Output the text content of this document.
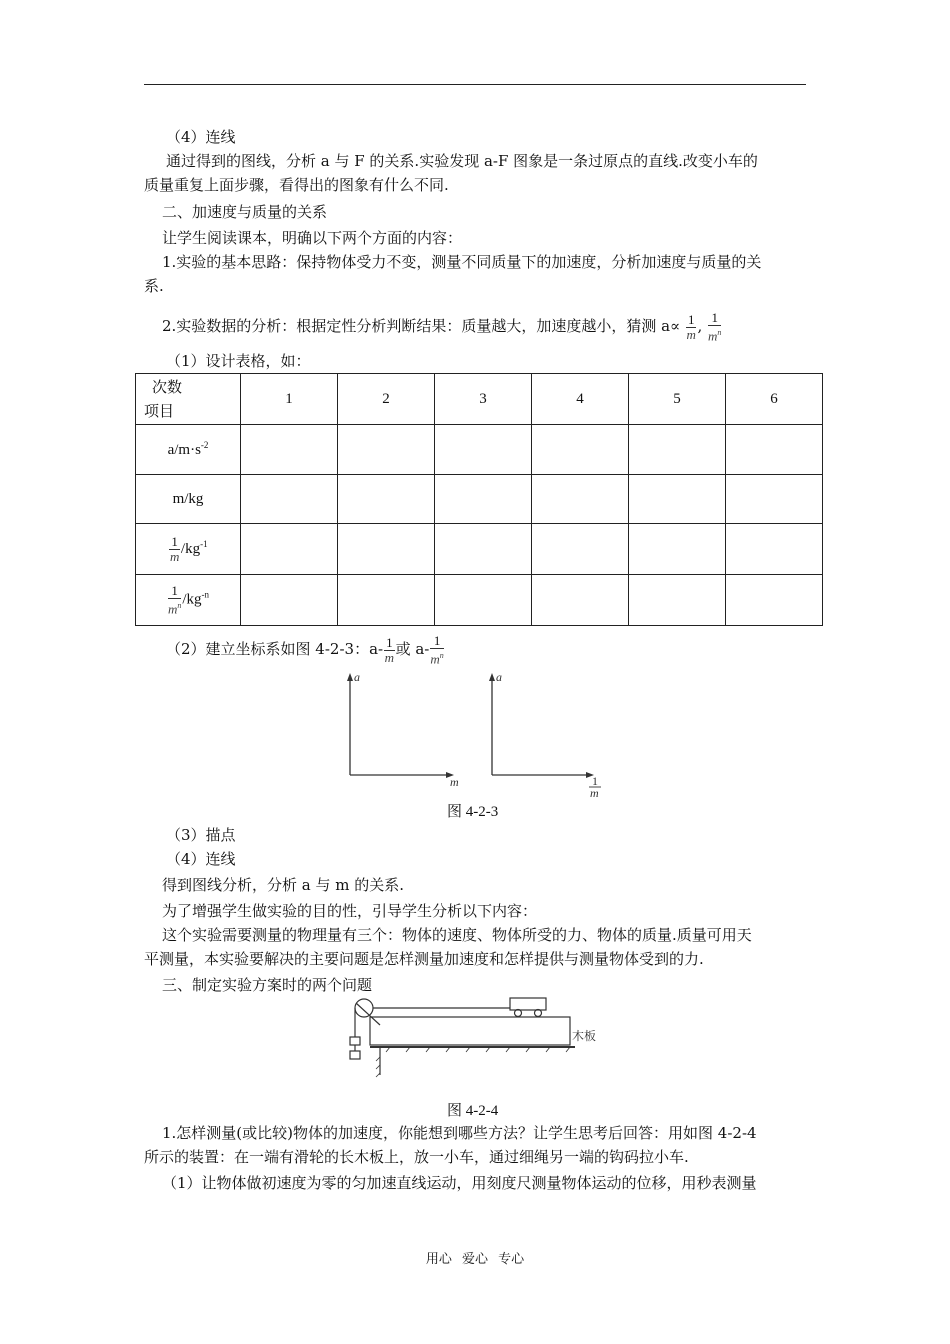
（4）连线
通过得到的图线，分析 a 与 F 的关系.实验发现 a-F 图象是一条过原点的直线.改变小车的
质量重复上面步骤，看得出的图象有什么不同.
二、加速度与质量的关系
让学生阅读课本，明确以下两个方面的内容：
1.实验的基本思路：保持物体受力不变，测量不同质量下的加速度，分析加速度与质量的关
系.
2.实验数据的分析：根据定性分析判断结果：质量越大，加速度越小，猜测 $a\propto \frac{1}{m}$ , $\frac{1}{m^n}$
（1）设计表格，如：
次数
项目	1	2	3	4	5	6
$a/m\cdot s^{-2}$						
m/kg						

$\frac{1}{m} /kg^{-1}$						

$\frac{1}{m^n} /kg^{-n}$						
（2）建立坐标系如图 4-2-3：$a- \frac{1}{m}$ 或 $a- \frac{1}{m^n}$
a
m
a
1
m
图 4-2-3
（3）描点
（4）连线
得到图线分析，分析 a 与 m 的关系.
为了增强学生做实验的目的性，引导学生分析以下内容：
这个实验需要测量的物理量有三个：物体的速度、物体所受的力、物体的质量.质量可用天
平测量，本实验要解决的主要问题是怎样测量加速度和怎样提供与测量物体受到的力.
三、制定实验方案时的两个问题
木板
图 4-2-4
1.怎样测量(或比较)物体的加速度，你能想到哪些方法？让学生思考后回答：用如图 4-2-4
所示的装置：在一端有滑轮的长木板上，放一小车，通过细绳另一端的钩码拉小车.
（1）让物体做初速度为零的匀加速直线运动，用刻度尺测量物体运动的位移，用秒表测量
用心 爱心 专心
